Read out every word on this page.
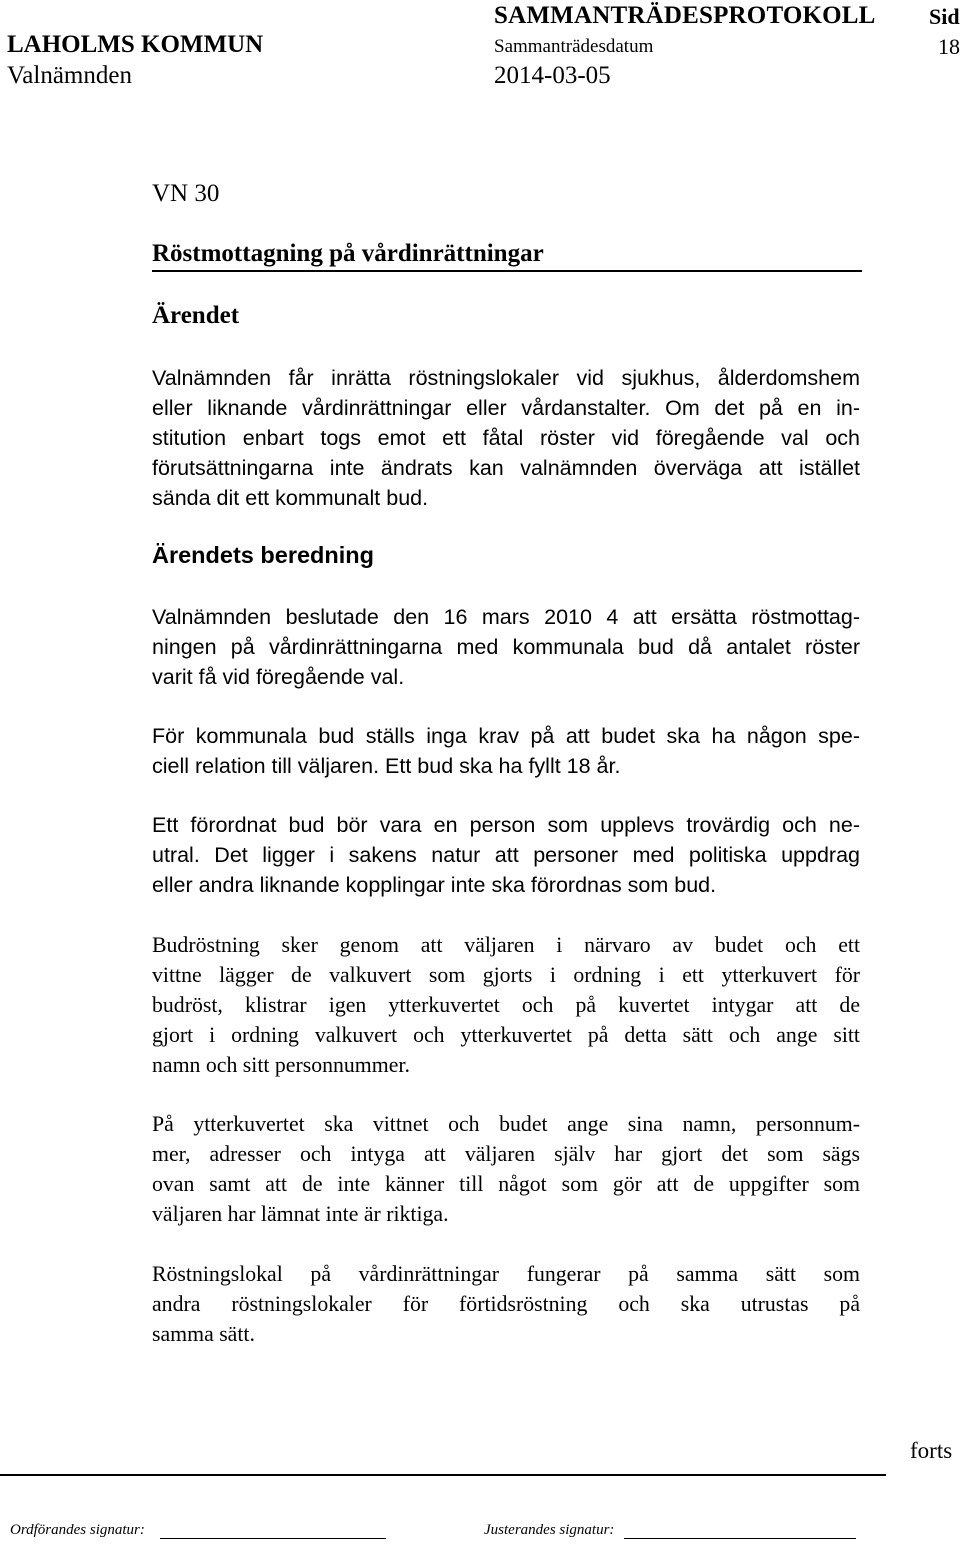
SAMMANTRÄDESPROTOKOLL Sid
LAHOLMS KOMMUN	Sammanträdesdatum	18
Valnämnden	2014-03-05
VN 30
Röstmottagning på vårdinrättningar
Ärendet
Valnämnden får inrätta röstningslokaler vid sjukhus, ålderdomshem
eller liknande vårdinrättningar eller vårdanstalter. Om det på en in-
stitution enbart togs emot ett fåtal röster vid föregående val och
förutsättningarna inte ändrats kan valnämnden överväga att istället
sända dit ett kommunalt bud.
Ärendets beredning
Valnämnden beslutade den 16 mars 2010 4 att ersätta röstmottag-
ningen på vårdinrättningarna med kommunala bud då antalet röster
varit få vid föregående val.
För kommunala bud ställs inga krav på att budet ska ha någon spe-
ciell relation till väljaren. Ett bud ska ha fyllt 18 år.
Ett förordnat bud bör vara en person som upplevs trovärdig och ne-
utral. Det ligger i sakens natur att personer med politiska uppdrag
eller andra liknande kopplingar inte ska förordnas som bud.
Budröstning sker genom att väljaren i närvaro av budet och ett
vittne lägger de valkuvert som gjorts i ordning i ett ytterkuvert för
budröst, klistrar igen ytterkuvertet och på kuvertet intygar att de
gjort i ordning valkuvert och ytterkuvertet på detta sätt och ange sitt
namn och sitt personnummer.
På ytterkuvertet ska vittnet och budet ange sina namn, personnum-
mer, adresser och intyga att väljaren själv har gjort det som sägs
ovan samt att de inte känner till något som gör att de uppgifter som
väljaren har lämnat inte är riktiga.
Röstningslokal på vårdinrättningar fungerar på samma sätt som
andra röstningslokaler för förtidsröstning och ska utrustas på
samma sätt.
forts
Ordförandes signatur:	Justerandes signatur:
